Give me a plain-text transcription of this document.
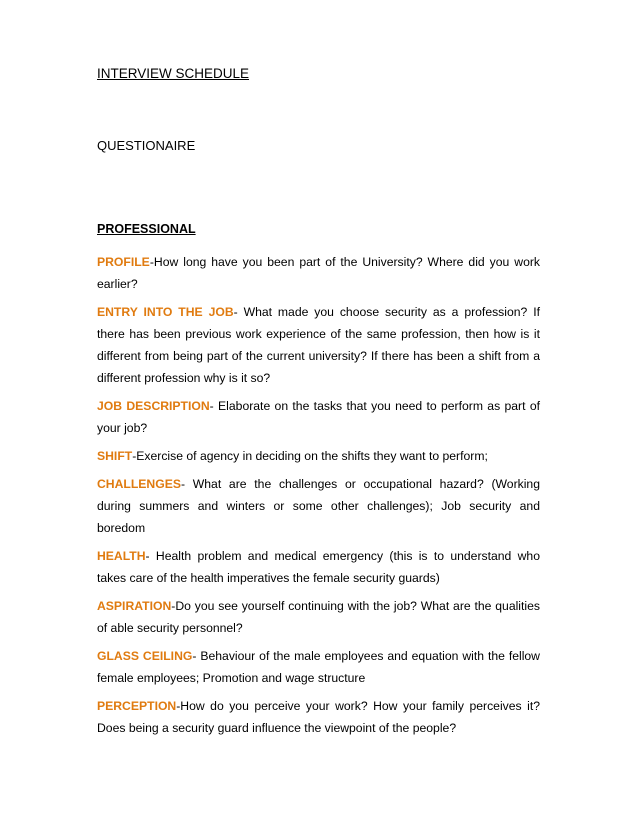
INTERVIEW SCHEDULE
QUESTIONAIRE
PROFESSIONAL

PROFILE-How long have you been part of the University? Where did you work earlier?

ENTRY INTO THE JOB- What made you choose security as a profession? If there has been previous work experience of the same profession, then how is it different from being part of the current university? If there has been a shift from a different profession why is it so?

JOB DESCRIPTION- Elaborate on the tasks that you need to perform as part of your job?

SHIFT-Exercise of agency in deciding on the shifts they want to perform;

CHALLENGES- What are the challenges or occupational hazard? (Working during summers and winters or some other challenges); Job security and boredom

HEALTH- Health problem and medical emergency (this is to understand who takes care of the health imperatives the female security guards)

ASPIRATION-Do you see yourself continuing with the job? What are the qualities of able security personnel?

GLASS CEILING- Behaviour of the male employees and equation with the fellow female employees; Promotion and wage structure

PERCEPTION-How do you perceive your work? How your family perceives it? Does being a security guard influence the viewpoint of the people?
